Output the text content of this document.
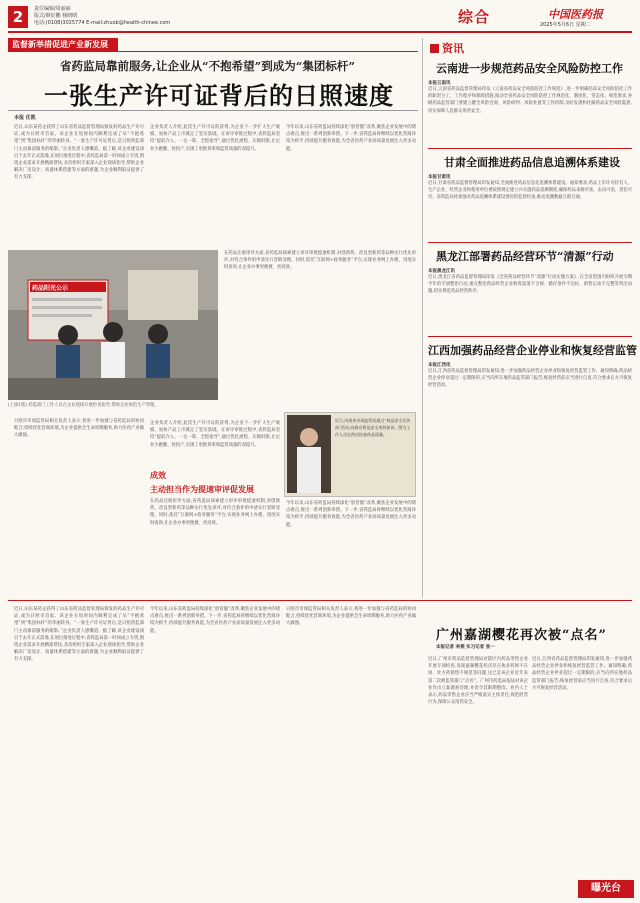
2	责任编辑/周丽丽
版式/颜好鹏 杨晴晴
电话:(0108)3025774 E-mail:zhuob@health-chinee.com	综合	中国医药报
2025年5月6日 星期二
监督新举措促进产业新发展
省药监局靠前服务,让企业从“不抱希望”到成为“集团标杆”
一张生产许可证背后的日照速度
本报 任凯
近日,山东某药企获得了山东省药品监督管理局颁发的药品生产许可证,成为日照市首家。该企业在短时间内顺利完成了从“不抱希望”到“集团标杆”的华丽转身。“一张生产许可证背后,是日照药监部门主动靠前服务的缩影。”企业负责人感慨道。据了解,该企业建设项目于去年正式落地,在项目推进过程中,省药监局第一时间成立专班,围绕企业需求开展精准帮扶,多次组织专家深入企业现场指导,帮助企业解决厂房设计、质量体系搭建等方面的难题,为企业顺利取证提供了有力支撑。
企业负责人介绍,此次生产许可证的获得,为企业下一步扩大生产规模、加快产品上市奠定了坚实基础。在审评审批过程中,省药监局坚持“提前介入、一企一策、全程指导”,通过优化流程、压缩时限,让企业少跑腿、快投产,实现了审批效率和监管质量的双提升。
今年以来,山东省药监局持续深化“放管服”改革,聚焦企业发展中的堵点难点,推出一系列创新举措。下一步,省药监局将继续以优化营商环境为抓手,持续提升服务效能,为全省医药产业高质量发展注入更多动能。
药品阳光公示
在药品注册审评方面,省药监局探索建立审评审批提速机制,对创新药、改良型新药等品种实行优先审评,对符合条件的申请实行容缺受理。同时,依托“互联网+政务服务”平台,实现业务网上办理、进度实时查询,让企业办事更便捷、更高效。
(上接1版) 药监部门工作人员在企业现场开展检查指导,帮助企业规范生产管理。
日照市市场监管局相关负责人表示,将进一步加强与省药监局的协同配合,持续优化营商环境,为企业提供全生命周期服务,助力医药产业做大做强。
成效
主动担当作为提速审评促发展
在药品注册审评方面,省药监局探索建立审评审批提速机制,对创新药、改良型新药等品种实行优先审评,对符合条件的申请实行容缺受理。同时,依托“互联网+政务服务”平台,实现业务网上办理、进度实时查询,让企业办事更便捷、更高效。
企业负责人介绍,此次生产许可证的获得,为企业下一步扩大生产规模、加快产品上市奠定了坚实基础。在审评审批过程中,省药监局坚持“提前介入、一企一策、全程指导”,通过优化流程、压缩时限,让企业少跑腿、快投产,实现了审批效率和监管质量的双提升。
近日,河南省市场监管局通过“药品安全宣传周”活动,向群众普及安全用药知识。图为工作人员在药店检查药品质量。
今年以来,山东省药监局持续深化“放管服”改革,聚焦企业发展中的堵点难点,推出一系列创新举措。下一步,省药监局将继续以优化营商环境为抓手,持续提升服务效能,为全省医药产业高质量发展注入更多动能。
资讯
云南进一步规范药品安全风险防控工作
本报云南讯
近日,云南省药品监督管理局印发《云南省药品安全风险防控工作规范》,进一步明确药品安全风险防控工作的职责分工、工作程序和保障措施,推动全省药品安全风险防控工作规范化、制度化、常态化。规范要求,各级药品监管部门要建立健全风险会商、风险研判、风险处置等工作机制,及时发现和化解药品安全风险隐患,切实保障人民群众用药安全。
甘肃全面推进药品信息追溯体系建设
本报甘肃讯
近日,甘肃省药品监督管理局印发通知,全面推进药品信息化追溯体系建设。通知要求,药品上市许可持有人、生产企业、经营企业和使用单位要按照规定建立并实施药品追溯制度,确保药品来源可查、去向可追、责任可究。省药监局将加强对药品追溯体系建设情况的监督检查,推动追溯数据互联互通。
黑龙江部署药品经营环节“清源”行动
本报黑龙江讯
近日,黑龙江省药品监督管理局印发《全省药品经营环节“清源”行动实施方案》,在全省范围内组织开展为期半年的专项整治行动,重点整治药品经营企业购进渠道不合规、储存条件不达标、销售记录不完整等突出问题,切实规范药品经营秩序。
江西加强药品经营企业停业和恢复经营监管
本报江西讯
近日,江西省药品监督管理局印发通知,进一步加强药品经营企业停业和恢复经营监管工作。通知明确,药品经营企业停业超过一定期限的,应当向所在地药品监管部门报告;恢复经营前应当进行自查,符合要求后方可恢复经营活动。
广州嘉湖樱花再次被“点名”
本报记者 李燕 实习记者 张一
近日,广州市药品监督管理局对辖区内药品零售企业开展专项检查,发现嘉湖樱花药店存在执业药师不在岗、处方药销售不规范等问题,这已是该企业近年来第二次被监管部门“点名”。广州市药监局依法对该企业作出立案调查处理,并责令其限期整改。业内人士表示,药品零售企业应当严格落实主体责任,规范经营行为,保障公众用药安全。
近日,江西省药品监督管理局印发通知,进一步加强药品经营企业停业和恢复经营监管工作。通知明确,药品经营企业停业超过一定期限的,应当向所在地药品监管部门报告;恢复经营前应当进行自查,符合要求后方可恢复经营活动。
曝光台
近日,山东某药企获得了山东省药品监督管理局颁发的药品生产许可证,成为日照市首家。该企业在短时间内顺利完成了从“不抱希望”到“集团标杆”的华丽转身。“一张生产许可证背后,是日照药监部门主动靠前服务的缩影。”企业负责人感慨道。据了解,该企业建设项目于去年正式落地,在项目推进过程中,省药监局第一时间成立专班,围绕企业需求开展精准帮扶,多次组织专家深入企业现场指导,帮助企业解决厂房设计、质量体系搭建等方面的难题,为企业顺利取证提供了有力支撑。
今年以来,山东省药监局持续深化“放管服”改革,聚焦企业发展中的堵点难点,推出一系列创新举措。下一步,省药监局将继续以优化营商环境为抓手,持续提升服务效能,为全省医药产业高质量发展注入更多动能。
日照市市场监管局相关负责人表示,将进一步加强与省药监局的协同配合,持续优化营商环境,为企业提供全生命周期服务,助力医药产业做大做强。
